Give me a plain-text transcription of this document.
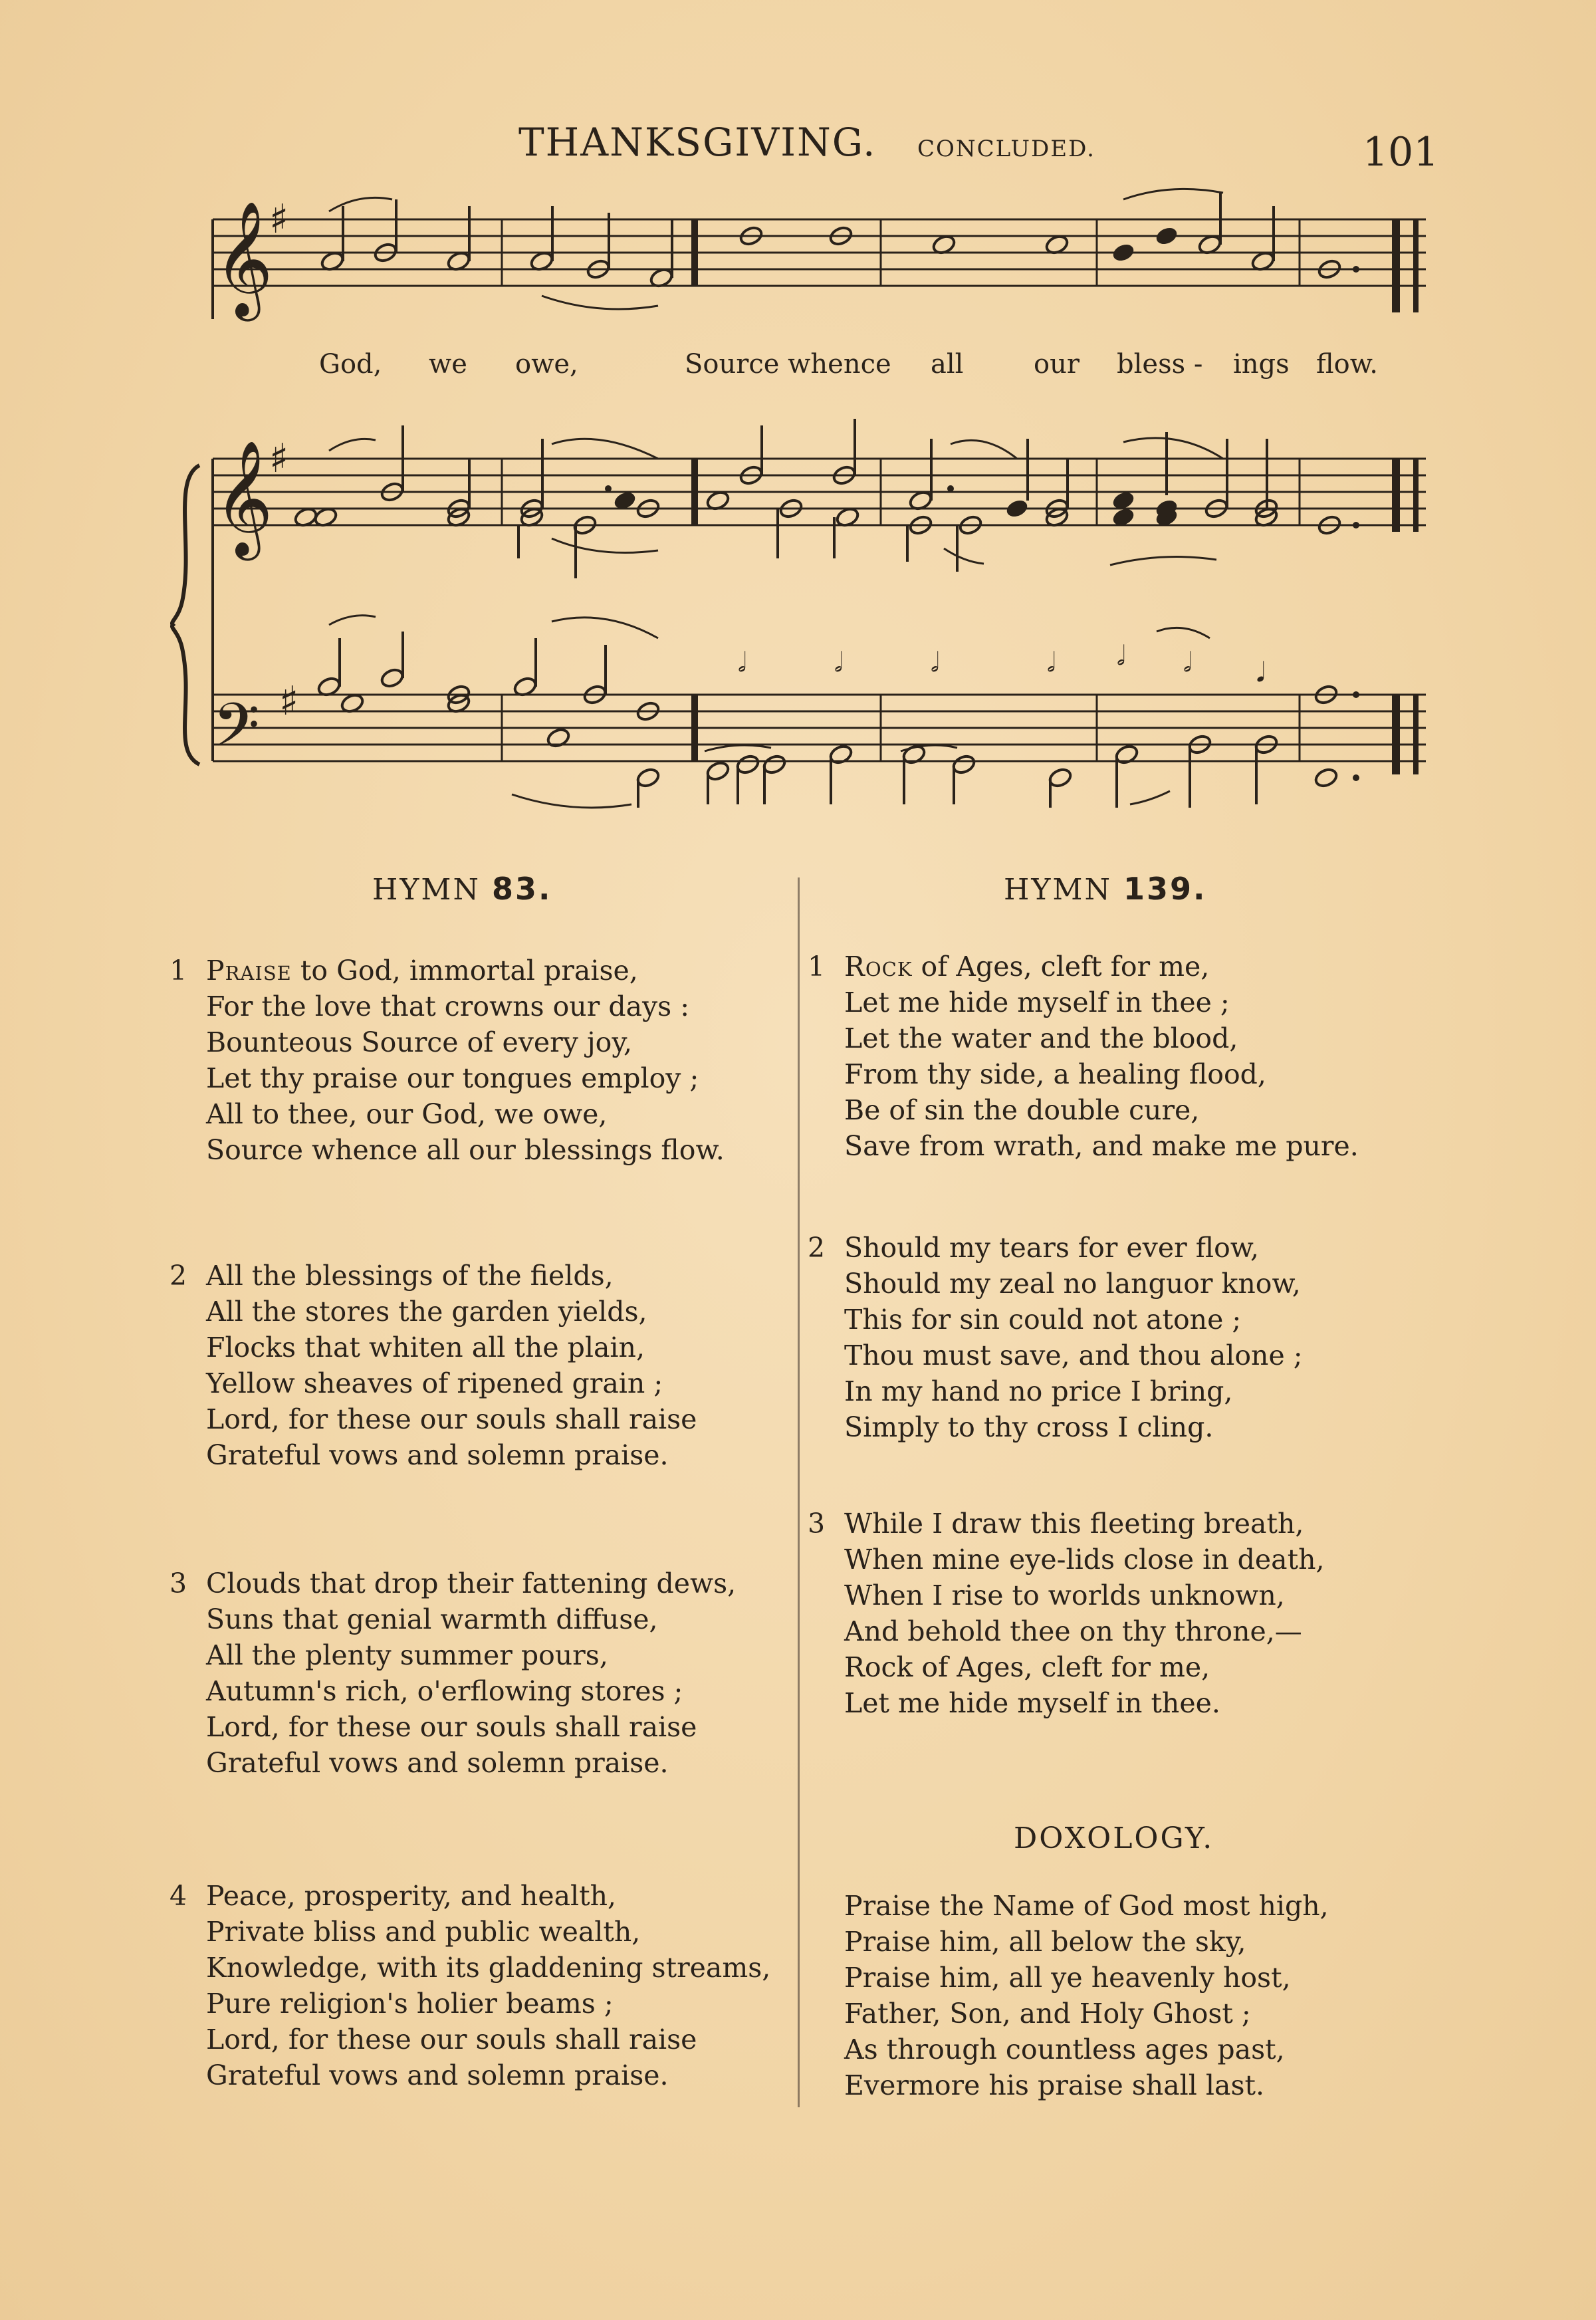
THANKSGIVING. CONCLUDED.	101
𝄞
𝄞
𝄢
♯
♯
♯
𝅗𝅥	𝅗𝅥	𝅗𝅥	𝅗𝅥 𝅗𝅥 𝅗𝅥 𝅘𝅥
God, we owe,	Source whence all	our bless - ings flow.
HYMN 83.	HYMN 139.
1 Praise to God, immortal praise,
For the love that crowns our days :
Bounteous Source of every joy,
Let thy praise our tongues employ ;
All to thee, our God, we owe,
Source whence all our blessings flow.
2 All the blessings of the fields,
All the stores the garden yields,
Flocks that whiten all the plain,
Yellow sheaves of ripened grain ;
Lord, for these our souls shall raise
Grateful vows and solemn praise.
3 Clouds that drop their fattening dews,
Suns that genial warmth diffuse,
All the plenty summer pours,
Autumn's rich, o'erflowing stores ;
Lord, for these our souls shall raise
Grateful vows and solemn praise.
4 Peace, prosperity, and health,
Private bliss and public wealth,
Knowledge, with its gladdening streams,
Pure religion's holier beams ;
Lord, for these our souls shall raise
Grateful vows and solemn praise.
1 Rock of Ages, cleft for me,
Let me hide myself in thee ;
Let the water and the blood,
From thy side, a healing flood,
Be of sin the double cure,
Save from wrath, and make me pure.
2 Should my tears for ever flow,
Should my zeal no languor know,
This for sin could not atone ;
Thou must save, and thou alone ;
In my hand no price I bring,
Simply to thy cross I cling.
3 While I draw this fleeting breath,
When mine eye-lids close in death,
When I rise to worlds unknown,
And behold thee on thy throne,—
Rock of Ages, cleft for me,
Let me hide myself in thee.
DOXOLOGY.
Praise the Name of God most high,
Praise him, all below the sky,
Praise him, all ye heavenly host,
Father, Son, and Holy Ghost ;
As through countless ages past,
Evermore his praise shall last.
